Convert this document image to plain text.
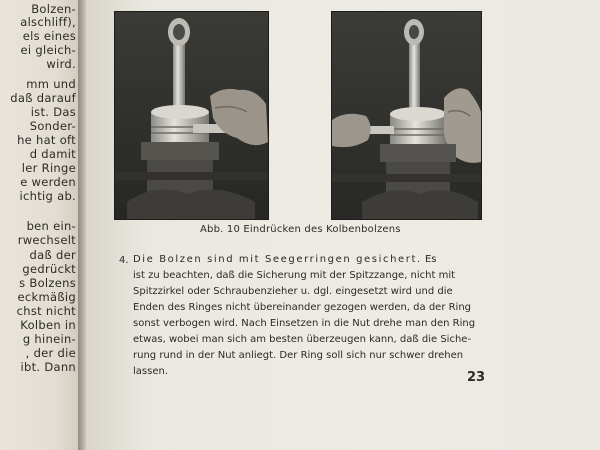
Bolzen-
alschliff),
els eines
ei gleich-
wird.
mm und
daß darauf
ist. Das
Sonder-
he hat oft
d damit
ler Ringe
e werden
ichtig ab.
ben ein-
rwechselt
daß der
gedrückt
s Bolzens
eckmäßig
chst nicht
Kolben in
g hinein-
, der die
ibt. Dann
Abb. 10 Eindrücken des Kolbenbolzens
4. Die Bolzen sind mit Seegerringen gesichert. Es
ist zu beachten, daß die Sicherung mit der Spitzzange, nicht mit
Spitzzirkel oder Schraubenzieher u. dgl. eingesetzt wird und die
Enden des Ringes nicht übereinander gezogen werden, da der Ring
sonst verbogen wird. Nach Einsetzen in die Nut drehe man den Ring
etwas, wobei man sich am besten überzeugen kann, daß die Siche-
rung rund in der Nut anliegt. Der Ring soll sich nur schwer drehen
lassen.	23
